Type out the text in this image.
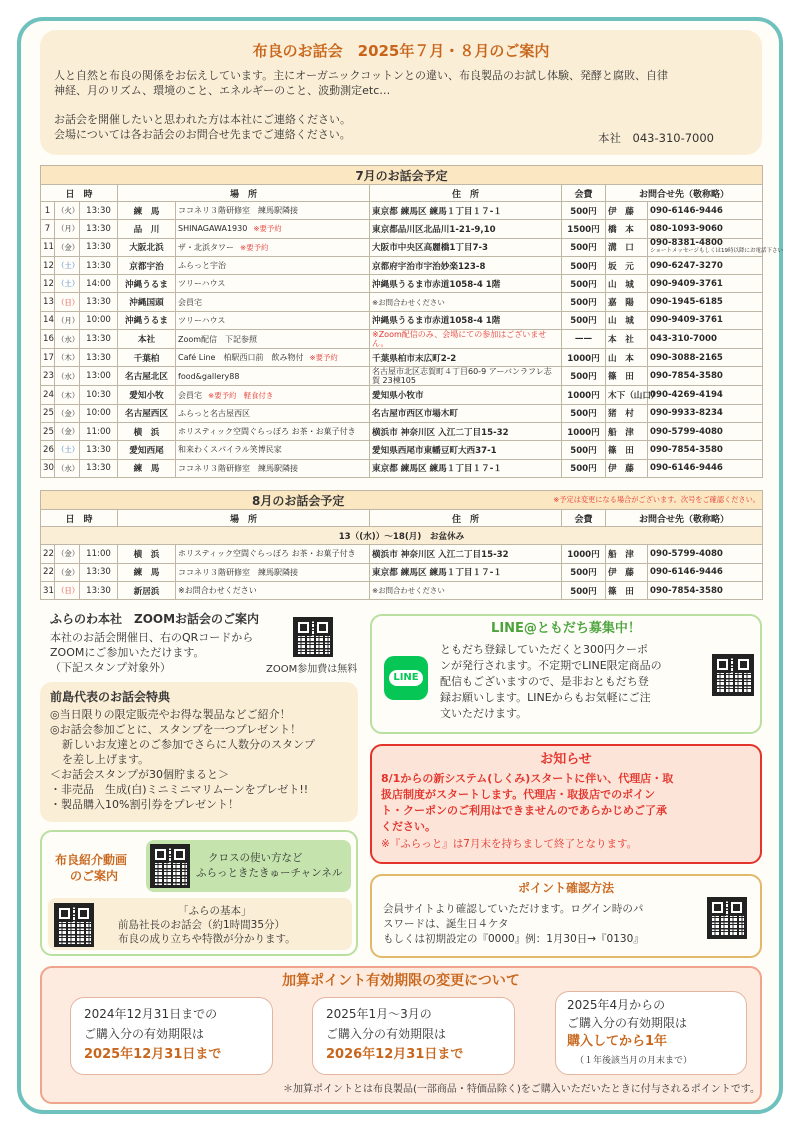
布良のお話会　2025年７月・８月のご案内
人と自然と布良の関係をお伝えしています。主にオーガニックコットンとの違い、布良製品のお試し体験、発酵と腐敗、自律
神経、月のリズム、環境のこと、エネルギーのこと、波動測定etc…
お話会を開催したいと思われた方は本社にご連絡ください。
会場については各お話会のお問合せ先までご連絡ください。	本社　043-310-7000
7月のお話会予定								
日　時			場　所		住　所	会費	お問合せ先（敬称略）	
1	（火）	13:30	練　馬	ココネリ３階研修室　練馬駅隣接	東京都 練馬区 練馬１丁目１７-１	500円	伊　藤	090-6146-9446

7	（月）	13:30	品　川	SHINAGAWA1930 ※要予約	東京都品川区北品川1-21-9,10	1500円	橋　本	080-1093-9060

11	（金）	13:30	大阪北浜	ザ・北浜タワー ※要予約	大阪市中央区高麗橋1丁目7-3	500円	溝　口	090-8381-4800
ショートメッセージもしくは19時以降にお電話下さい

12	（土）	13:30	京都宇治	ふらっと宇治	京都府宇治市宇治妙楽123-8	500円	坂　元	090-6247-3270

12	（土）	14:00	沖縄うるま	ツリーハウス	沖縄県うるま市赤道1058-4 1階	500円	山　城	090-9409-3761

13	（日）	13:30	沖縄国頭	会員宅	※お問合わせください	500円	嘉　陽	090-1945-6185

14	（月）	10:00	沖縄うるま	ツリーハウス	沖縄県うるま市赤道1058-4 1階	500円	山　城	090-9409-3761

16	（水）	13:30	本社	Zoom配信　下記参照	※Zoom配信のみ、会場にての参加はございません。	——	本　社	043-310-7000

17	（木）	13:30	千葉柏	Café Line　柏駅西口前　飲み物付 ※要予約	千葉県柏市末広町2-2	1000円	山　本	090-3088-2165

23	（水）	13:00	名古屋北区	food&gallery88	名古屋市北区志賀町４丁目60-9 アーバンラフレ志賀 23棟105	500円	篠　田	090-7854-3580

24	（木）	10:30	愛知小牧	会員宅 ※要予約　軽食付き	愛知県小牧市	1000円	木下（山口）	090-4269-4194

25	（金）	10:00	名古屋西区	ふらっと名古屋西区	名古屋市西区市場木町	500円	猪　村	090-9933-8234

25	（金）	11:00	横　浜	ホリスティック空間ぐらっぽろ お茶・お菓子付き	横浜市 神奈川区 入江二丁目15-32	1000円	船　津	090-5799-4080

26	（土）	13:30	愛知西尾	和来わくスパイラル笑博民家	愛知県西尾市東幡豆町大西37-1	500円	篠　田	090-7854-3580

30	（水）	13:30	練　馬	ココネリ３階研修室　練馬駅隣接	東京都 練馬区 練馬１丁目１７-１	500円	伊　藤	090-6146-9446
8月のお話会予定 ※予定は変更になる場合がございます。次号をご確認ください。								

日　時			場　所		住　所	会費	お問合せ先（敬称略）	
13（(水)）〜18(月)　お盆休み								
22	（金）	11:00	横　浜	ホリスティック空間ぐらっぽろ お茶・お菓子付き	横浜市 神奈川区 入江二丁目15-32	1000円	船　津	090-5799-4080

22	（金）	13:30	練　馬	ココネリ３階研修室　練馬駅隣接	東京都 練馬区 練馬１丁目１７-１	500円	伊　藤	090-6146-9446

31	（日）	13:30	新居浜	※お問合わせください	※お問合わせください	500円	篠　田	090-7854-3580
ふらのわ本社　ZOOMお話会のご案内
本社のお話会開催日、右のQRコードから
ZOOMにご参加いただけます。
（下記スタンプ対象外）	ZOOM参加費は無料
前島代表のお話会特典
◎当日限りの限定販売やお得な製品などご紹介！
◎お話会参加ごとに、スタンプを一つプレゼント！
新しいお友達とのご参加でさらに人数分のスタンプ
を差し上げます。
＜お話会スタンプが30個貯まると＞
・非売品　生成(白)ミニミニマリムーンをプレゼト!!
・製品購入10%割引券をプレゼント！
布良紹介動画
のご案内
クロスの使い方など
ふらっときたきゅーチャンネル
「ふらの基本」
前島社長のお話会（約1時間35分）
布良の成り立ちや特徴が分かります。
LINE@ともだち募集中！
LINE
ともだち登録していただくと300円クーポ
ンが発行されます。不定期でLINE限定商品の
配信もございますので、是非おともだち登
録お願いします。LINEからもお気軽にご注
文いただけます。
お知らせ
8/1からの新システム(しくみ)スタートに伴い、代理店・取
扱店制度がスタートします。代理店・取扱店でのポイン
ト・クーポンのご利用はできませんのであらかじめご了承
ください。
※『ふらっと』は7月末を持ちまして終了となります。
ポイント確認方法
会員サイトより確認していただけます。ログイン時のパ
スワードは、誕生日４ケタ
もしくは初期設定の『0000』例：1月30日→『0130』
加算ポイント有効期限の変更について
2024年12月31日までの
ご購入分の有効期限は
2025年12月31日まで
2025年1月〜3月の
ご購入分の有効期限は
2026年12月31日まで
2025年4月からの
ご購入分の有効期限は
購入してから1年
（１年後該当月の月末まで）
＊加算ポイントとは布良製品(一部商品・特価品除く)をご購入いただいたときに付与されるポイントです。
